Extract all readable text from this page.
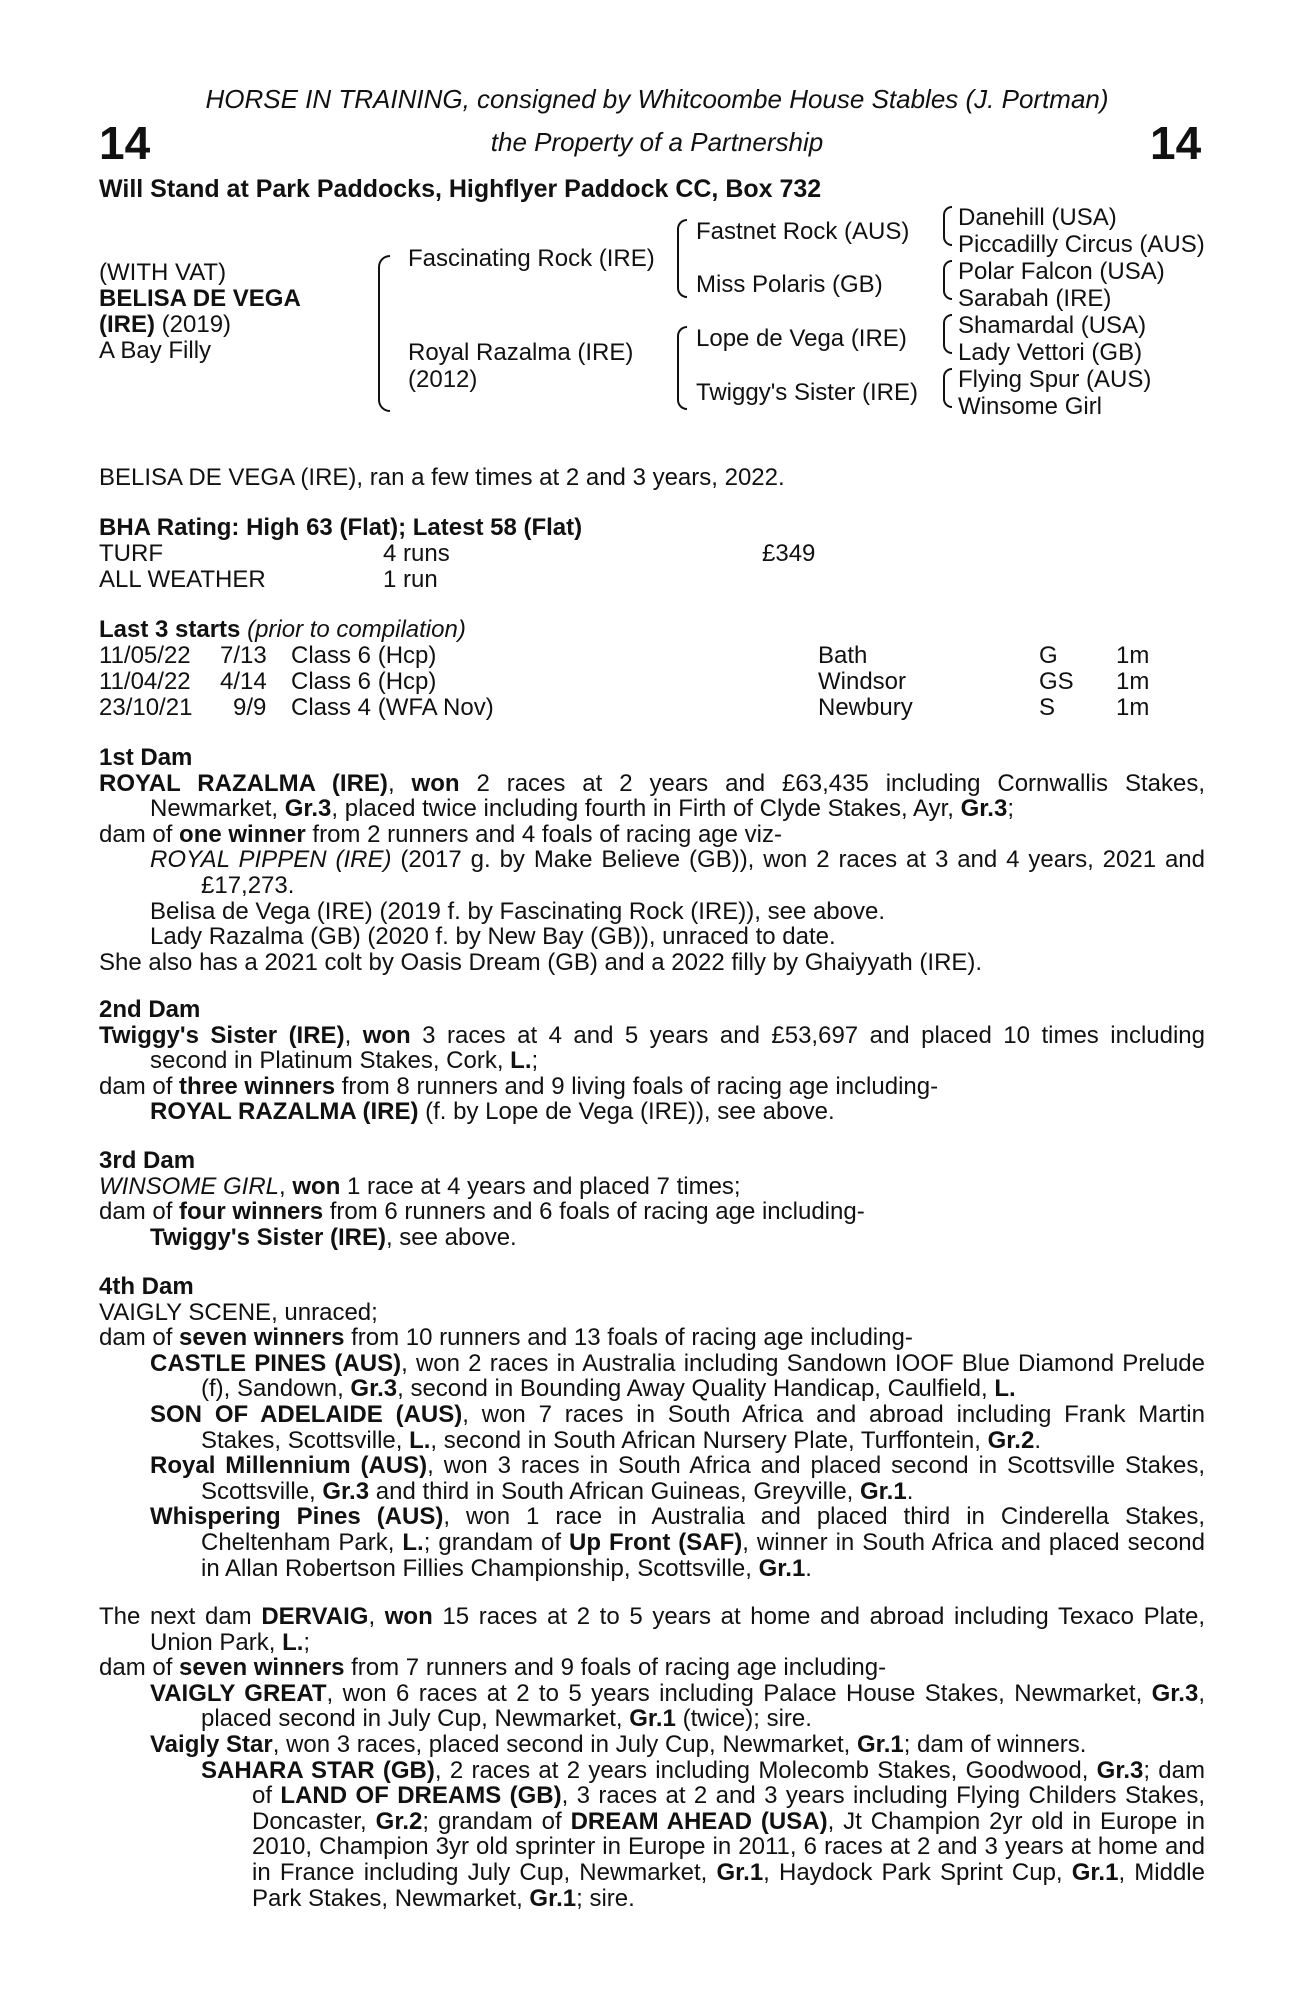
14	14
HORSE IN TRAINING, consigned by Whitcoombe House Stables (J. Portman)
the Property of a Partnership
Will Stand at Park Paddocks, Highflyer Paddock CC, Box 732
(WITH VAT)
BELISA DE VEGA
(IRE) (2019)
A Bay Filly
Fascinating Rock (IRE)
Royal Razalma (IRE)
(2012)
Fastnet Rock (AUS)
Miss Polaris (GB)
Lope de Vega (IRE)
Twiggy's Sister (IRE)
Danehill (USA)
Piccadilly Circus (AUS)
Polar Falcon (USA)
Sarabah (IRE)
Shamardal (USA)
Lady Vettori (GB)
Flying Spur (AUS)
Winsome Girl
BELISA DE VEGA (IRE), ran a few times at 2 and 3 years, 2022.
BHA Rating: High 63 (Flat); Latest 58 (Flat)
TURF	4 runs	£349
ALL WEATHER	1 run
Last 3 starts (prior to compilation)
11/05/22 7/13 Class 6 (Hcp)	Bath	G 1m
11/04/22 4/14 Class 6 (Hcp)	Windsor	GS 1m
23/10/21 9/9 Class 4 (WFA Nov)	Newbury	S	1m

1st Dam

ROYAL RAZALMA (IRE), won 2 races at 2 years and £63,435 including Cornwallis Stakes, Newmarket, Gr.3, placed twice including fourth in Firth of Clyde Stakes, Ayr, Gr.3;

dam of one winner from 2 runners and 4 foals of racing age viz-

ROYAL PIPPEN (IRE) (2017 g. by Make Believe (GB)), won 2 races at 3 and 4 years, 2021 and £17,273.

Belisa de Vega (IRE) (2019 f. by Fascinating Rock (IRE)), see above.

Lady Razalma (GB) (2020 f. by New Bay (GB)), unraced to date.

She also has a 2021 colt by Oasis Dream (GB) and a 2022 filly by Ghaiyyath (IRE).

2nd Dam

Twiggy's Sister (IRE), won 3 races at 4 and 5 years and £53,697 and placed 10 times including second in Platinum Stakes, Cork, L.;

dam of three winners from 8 runners and 9 living foals of racing age including-

ROYAL RAZALMA (IRE) (f. by Lope de Vega (IRE)), see above.

3rd Dam

WINSOME GIRL, won 1 race at 4 years and placed 7 times;

dam of four winners from 6 runners and 6 foals of racing age including-

Twiggy's Sister (IRE), see above.

4th Dam

VAIGLY SCENE, unraced;

dam of seven winners from 10 runners and 13 foals of racing age including-

CASTLE PINES (AUS), won 2 races in Australia including Sandown IOOF Blue Diamond Prelude (f), Sandown, Gr.3, second in Bounding Away Quality Handicap, Caulfield, L.

SON OF ADELAIDE (AUS), won 7 races in South Africa and abroad including Frank Martin Stakes, Scottsville, L., second in South African Nursery Plate, Turffontein, Gr.2.

Royal Millennium (AUS), won 3 races in South Africa and placed second in Scottsville Stakes, Scottsville, Gr.3 and third in South African Guineas, Greyville, Gr.1.

Whispering Pines (AUS), won 1 race in Australia and placed third in Cinderella Stakes, Cheltenham Park, L.; grandam of Up Front (SAF), winner in South Africa and placed second in Allan Robertson Fillies Championship, Scottsville, Gr.1.

The next dam DERVAIG, won 15 races at 2 to 5 years at home and abroad including Texaco Plate, Union Park, L.;

dam of seven winners from 7 runners and 9 foals of racing age including-

VAIGLY GREAT, won 6 races at 2 to 5 years including Palace House Stakes, Newmarket, Gr.3, placed second in July Cup, Newmarket, Gr.1 (twice); sire.

Vaigly Star, won 3 races, placed second in July Cup, Newmarket, Gr.1; dam of winners.

SAHARA STAR (GB), 2 races at 2 years including Molecomb Stakes, Goodwood, Gr.3; dam of LAND OF DREAMS (GB), 3 races at 2 and 3 years including Flying Childers Stakes, Doncaster, Gr.2; grandam of DREAM AHEAD (USA), Jt Champion 2yr old in Europe in 2010, Champion 3yr old sprinter in Europe in 2011, 6 races at 2 and 3 years at home and in France including July Cup, Newmarket, Gr.1, Haydock Park Sprint Cup, Gr.1, Middle Park Stakes, Newmarket, Gr.1; sire.
